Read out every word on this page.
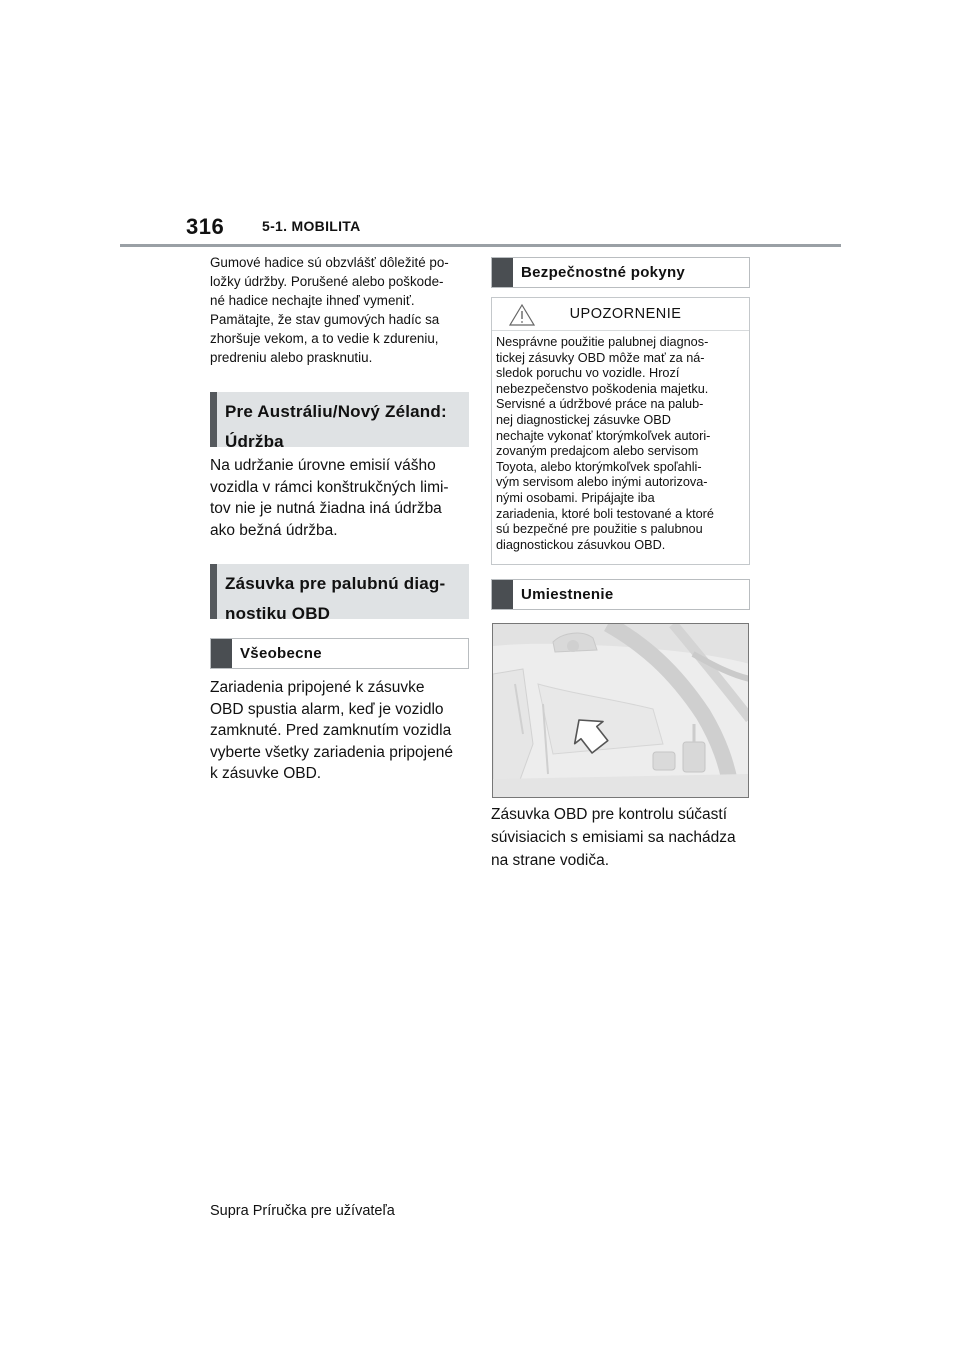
316	5-1. MOBILITA

Gumové hadice sú obzvlášť dôležité po-

ložky údržby. Porušené alebo poškode-

né hadice nechajte ihneď vymeniť.

Pamätajte, že stav gumových hadíc sa

zhoršuje vekom, a to vedie k zdureniu,

predreniu alebo prasknutiu.

Pre Austráliu/Nový Zéland:
Údržba

Na udržanie úrovne emisií vášho

vozidla v rámci konštrukčných limi-

tov nie je nutná žiadna iná údržba

ako bežná údržba.

Zásuvka pre palubnú diag-
nostiku OBD
Všeobecne

Zariadenia pripojené k zásuvke

OBD spustia alarm, keď je vozidlo

zamknuté. Pred zamknutím vozidla

vyberte všetky zariadenia pripojené

k zásuvke OBD.

Bezpečnostné pokyny
UPOZORNENIE

Nesprávne použitie palubnej diagnos-

tickej zásuvky OBD môže mať za ná-

sledok poruchu vo vozidle. Hrozí

nebezpečenstvo poškodenia majetku.

Servisné a údržbové práce na palub-

nej diagnostickej zásuvke OBD

nechajte vykonať ktorýmkoľvek autori-

zovaným predajcom alebo servisom

Toyota, alebo ktorýmkoľvek spoľahli-

vým servisom alebo inými autorizova-

nými osobami. Pripájajte iba

zariadenia, ktoré boli testované a ktoré

sú bezpečné pre použitie s palubnou

diagnostickou zásuvkou OBD.

Umiestnenie

Zásuvka OBD pre kontrolu súčastí

súvisiacich s emisiami sa nachádza

na strane vodiča.

Supra Príručka pre užívateľa
